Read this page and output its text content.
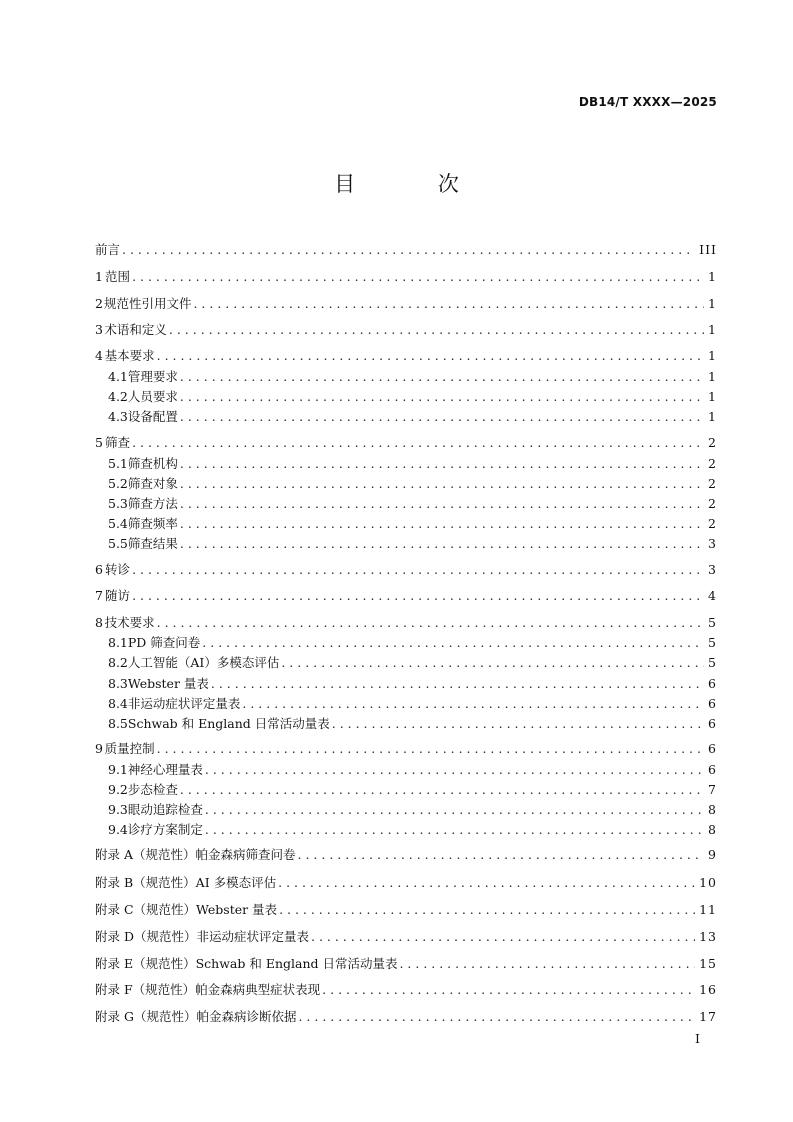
DB14/T XXXX—2025
目 次
前言 . . .	III
1 范围 . . .	1
2 规范性引用文件 . . .	1
3 术语和定义 . . .	1
4 基本要求 . . .	1
4.1 管理要求 . . .	1
4.2 人员要求 . . .	1
4.3 设备配置 . . .	1
5 筛查 . . .	2
5.1 筛查机构 . . .	2
5.2 筛查对象 . . .	2
5.3 筛查方法 . . .	2
5.4 筛查频率 . . .	2
5.5 筛查结果 . . .	3
6 转诊 . . .	3
7 随访 . . .	4
8 技术要求 . . .	5
8.1 PD 筛查问卷 . . .	5
8.2 人工智能（AI）多模态评估 . . .	5
8.3 Webster 量表 . . .	6
8.4 非运动症状评定量表 . . .	6
8.5 Schwab 和 England 日常活动量表 . . .	6
9 质量控制 . . .	6
9.1 神经心理量表 . . .	6
9.2 步态检查 . . .	7
9.3 眼动追踪检查 . . .	8
9.4 诊疗方案制定 . . .	8
附录 A（规范性） 帕金森病筛查问卷 . . .	9
附录 B（规范性） AI 多模态评估 . . .	10
附录 C（规范性） Webster 量表 . . .	11
附录 D（规范性） 非运动症状评定量表 . . .	13
附录 E（规范性） Schwab 和 England 日常活动量表 . . .	15
附录 F（规范性） 帕金森病典型症状表现 . . .	16
附录 G（规范性） 帕金森病诊断依据 . . .	17
I
